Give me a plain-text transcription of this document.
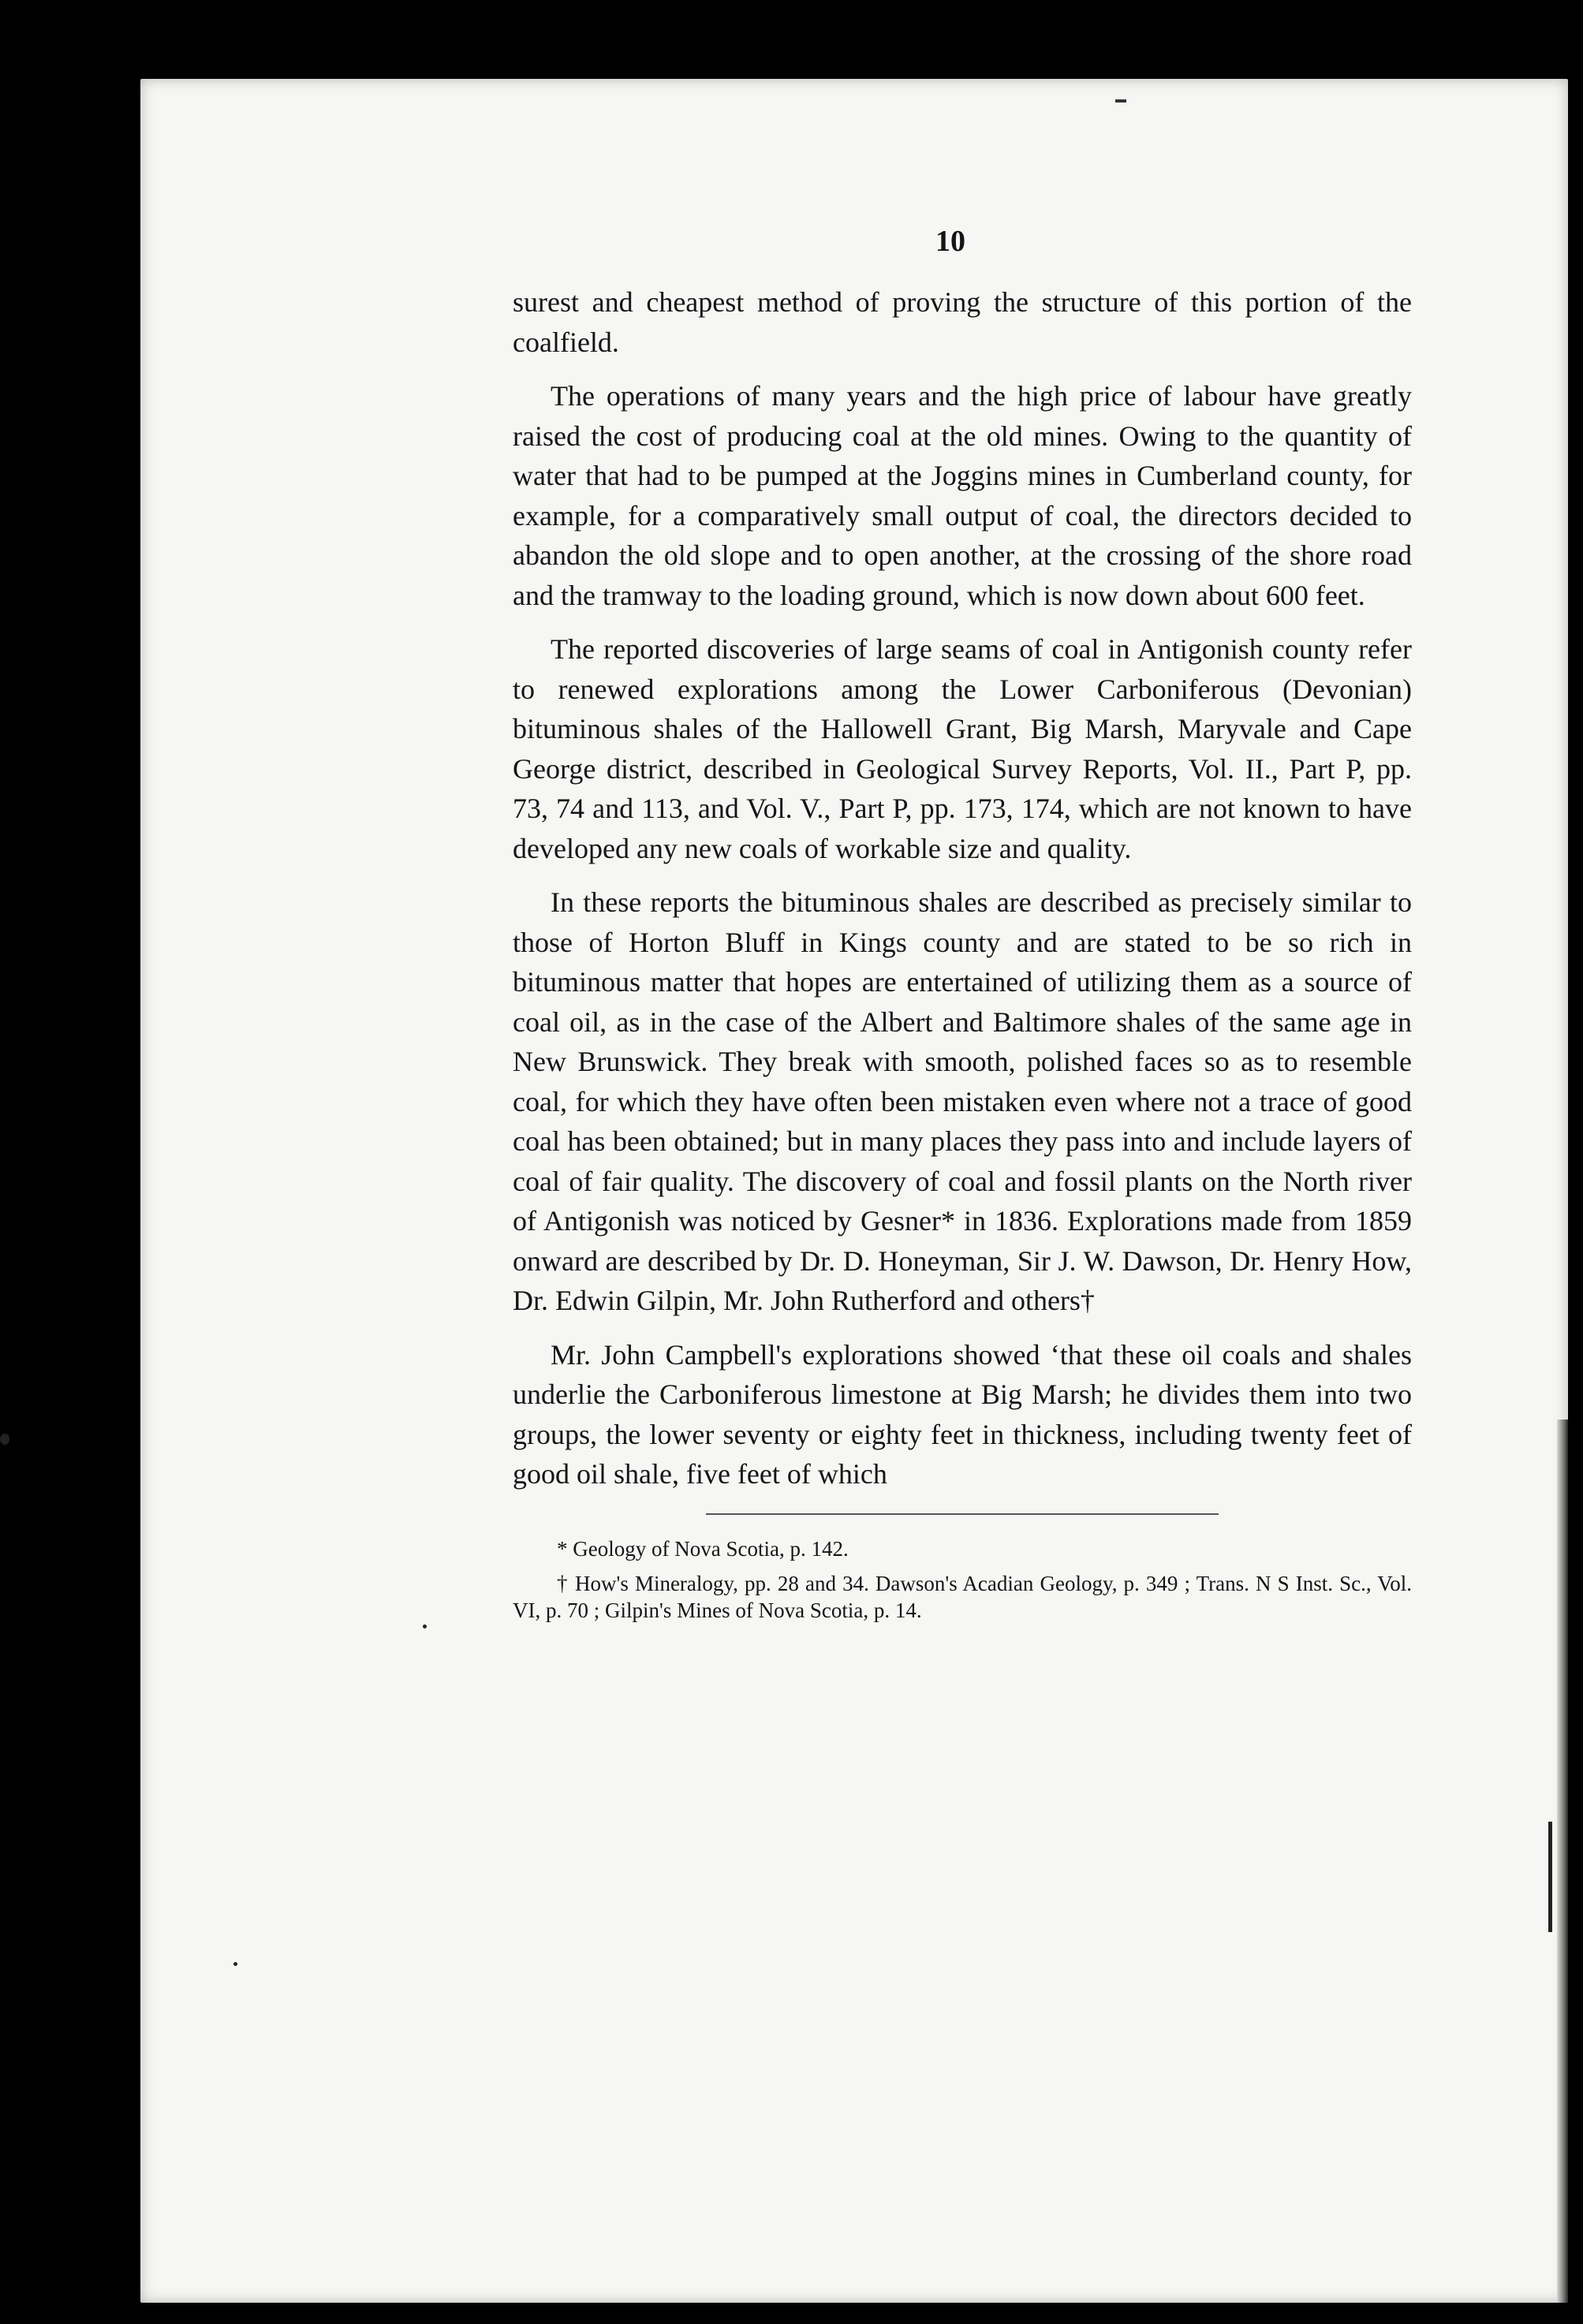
10

surest and cheapest method of proving the structure of this portion of the coalfield.

The operations of many years and the high price of labour have greatly raised the cost of producing coal at the old mines. Owing to the quantity of water that had to be pumped at the Joggins mines in Cumberland county, for example, for a comparatively small output of coal, the directors decided to abandon the old slope and to open another, at the crossing of the shore road and the tramway to the loading ground, which is now down about 600 feet.

The reported discoveries of large seams of coal in Antigonish county refer to renewed explorations among the Lower Carboniferous (Devonian) bituminous shales of the Hallowell Grant, Big Marsh, Maryvale and Cape George district, described in Geological Survey Reports, Vol. II., Part P, pp. 73, 74 and 113, and Vol. V., Part P, pp. 173, 174, which are not known to have developed any new coals of workable size and quality.

In these reports the bituminous shales are described as precisely similar to those of Horton Bluff in Kings county and are stated to be so rich in bituminous matter that hopes are entertained of utilizing them as a source of coal oil, as in the case of the Albert and Baltimore shales of the same age in New Brunswick. They break with smooth, polished faces so as to resemble coal, for which they have often been mistaken even where not a trace of good coal has been obtained; but in many places they pass into and include layers of coal of fair quality. The discovery of coal and fossil plants on the North river of Antigonish was noticed by Gesner* in 1836. Explorations made from 1859 onward are described by Dr. D. Honeyman, Sir J. W. Dawson, Dr. Henry How, Dr. Edwin Gilpin, Mr. John Rutherford and others†

Mr. John Campbell's explorations showed ‘that these oil coals and shales underlie the Carboniferous limestone at Big Marsh; he divides them into two groups, the lower seventy or eighty feet in thickness, including twenty feet of good oil shale, five feet of which

* Geology of Nova Scotia, p. 142.

† How's Mineralogy, pp. 28 and 34. Dawson's Acadian Geology, p. 349 ; Trans. N S Inst. Sc., Vol. VI, p. 70 ; Gilpin's Mines of Nova Scotia, p. 14.
